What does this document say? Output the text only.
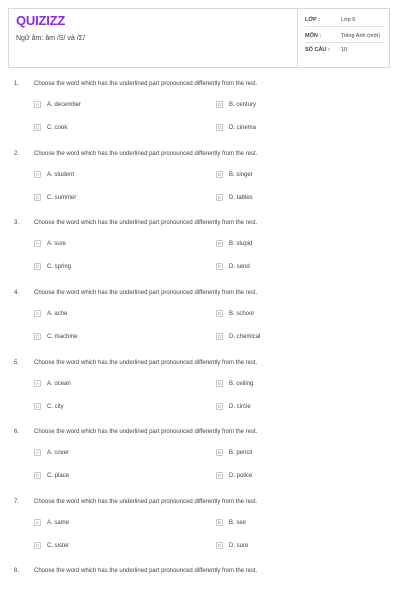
QUIZIZZ
Ngữ âm: âm /S/ và /Σ/
LỚP :	Lớp 6
MÔN :	Tiếng Anh (mới)
SỐ CÂU :	10
1. Choose the word which has the underlined part pronounced differently from the rest.
A	A. december	B	B. century
C	C. cook	D	D. cinema
2. Choose the word which has the underlined part pronounced differently from the rest.
A	A. student	B	B. singer
C	C. summer	D	D. tables
3. Choose the word which has the underlined part pronounced differently from the rest.
A	A. sure	B	B. stupid
C	C. spring	D	D. send
4. Choose the word which has the underlined part pronounced differently from the rest.
A	A. ache	B	B. school
C	C. machine	D	D. chemical
5. Choose the word which has the underlined part pronounced differently from the rest.
A	A. ocean	B	B. ceiling
C	C. city	D	D. circle
6. Choose the word which has the underlined part pronounced differently from the rest.
A	A. cover	B	B. pencil
C	C. place	D	D. police
7. Choose the word which has the underlined part pronounced differently from the rest.
A	A. same	B	B. see
C	C. sister	D	D. sure
8. Choose the word which has the underlined part pronounced differently from the rest.
